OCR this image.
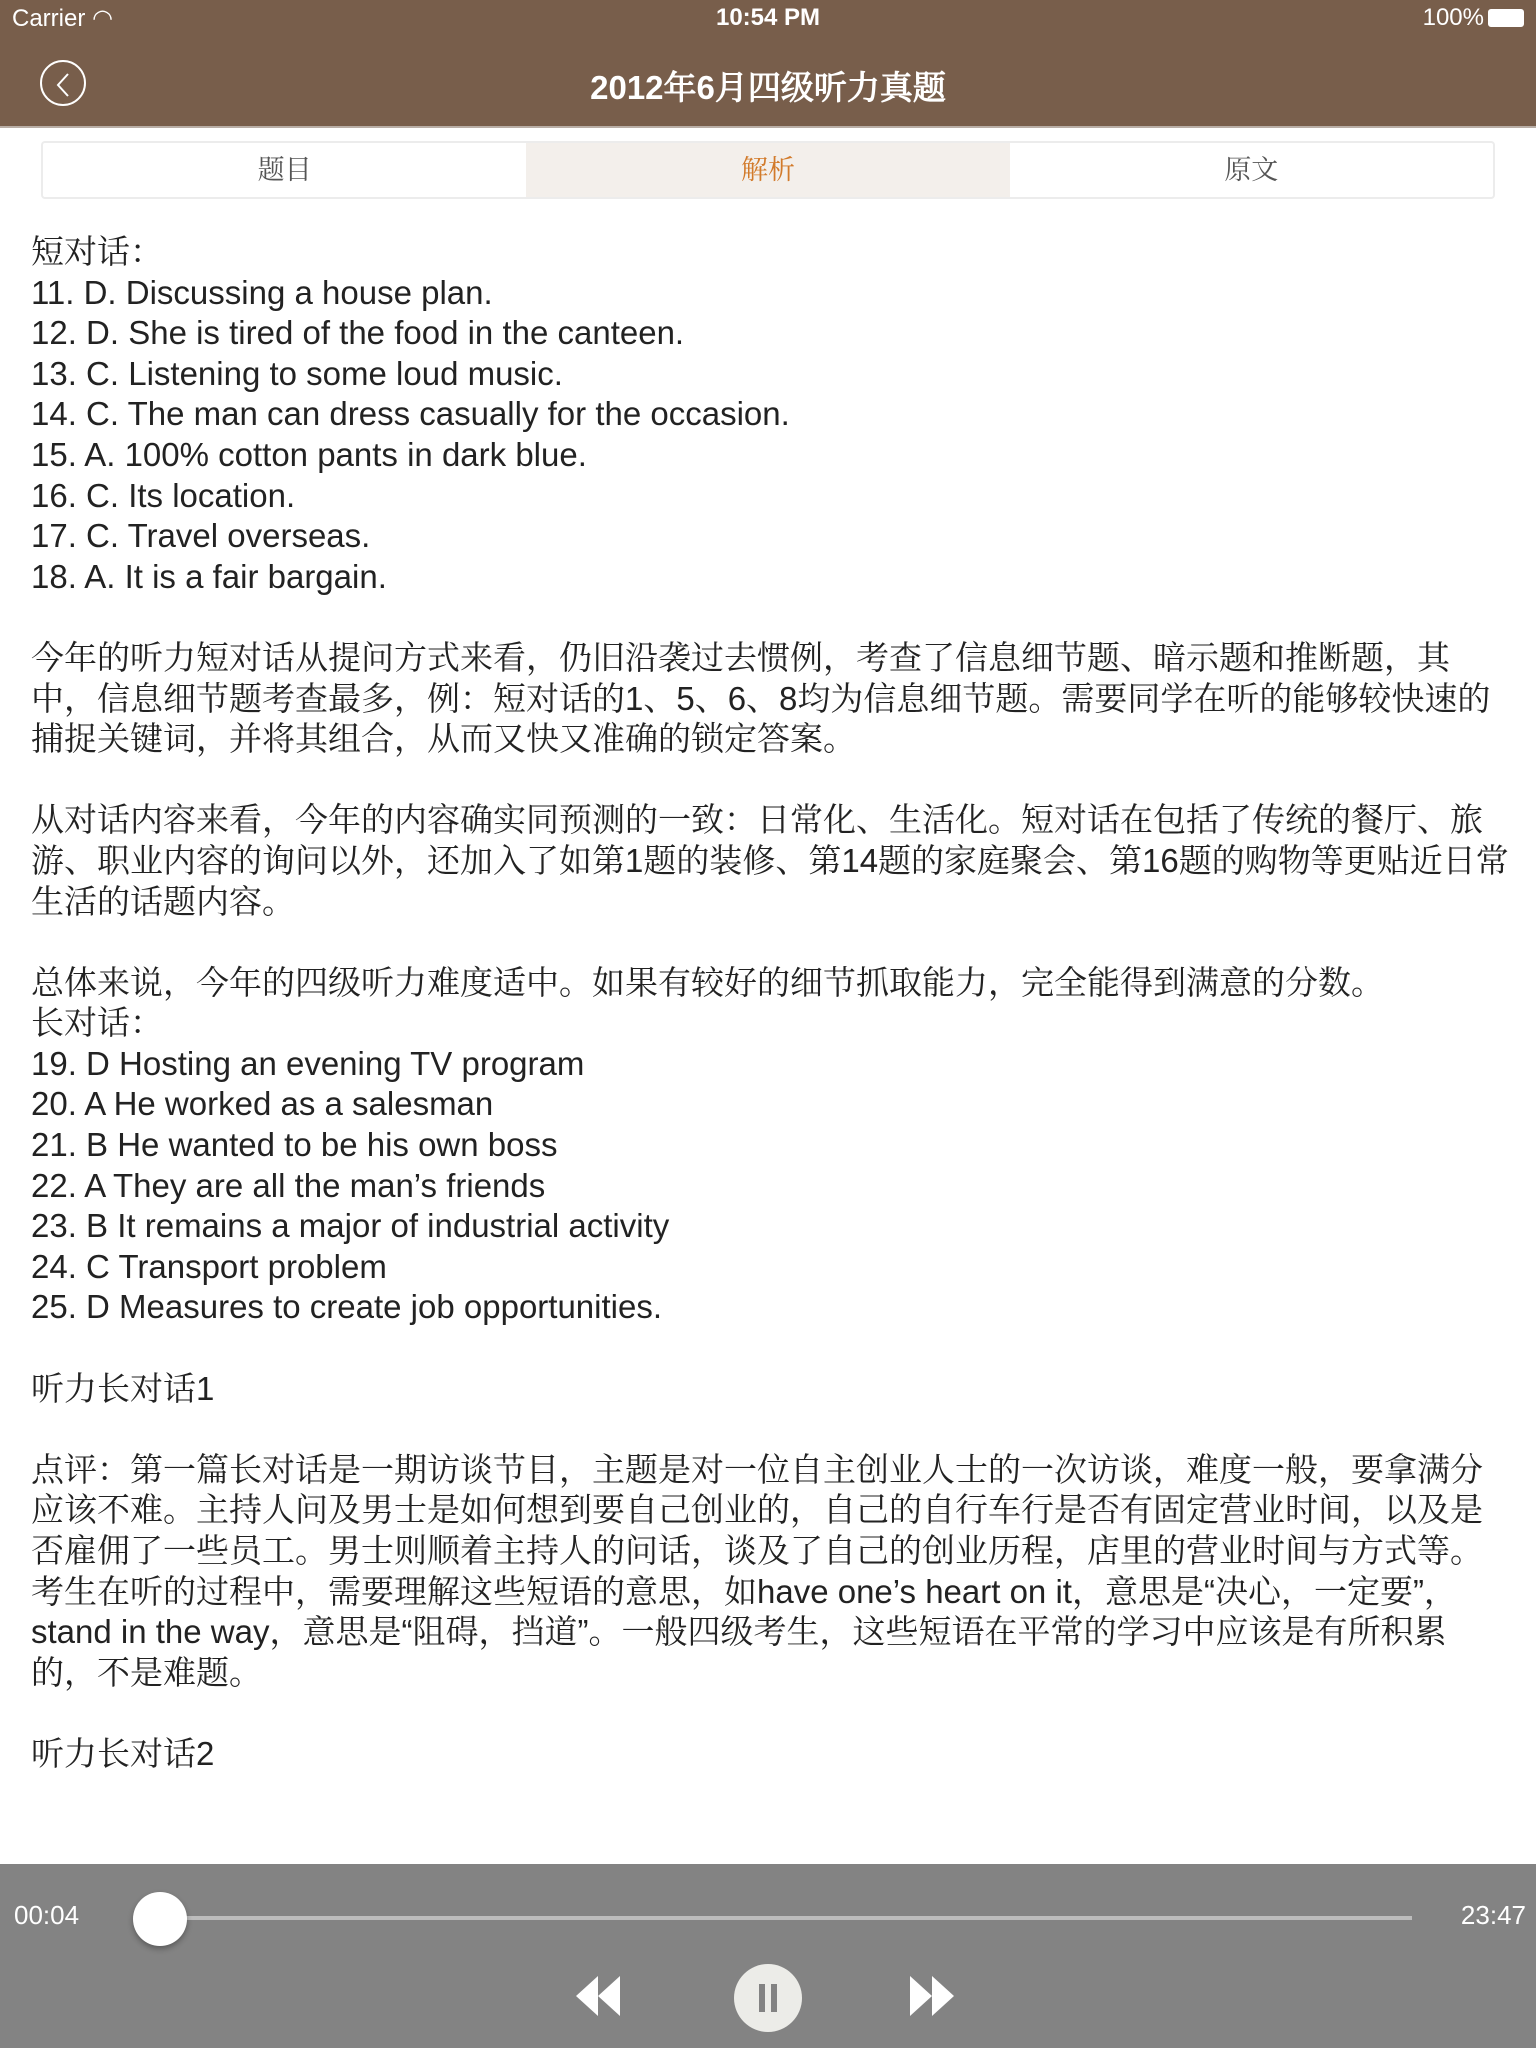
Carrier ◠	10:54 PM	100%
2012年6月四级听力真题
题目	解析	原文
短对话：

11. D. Discussing a house plan.
12. D. She is tired of the food in the canteen.
13. C. Listening to some loud music.
14. C. The man can dress casually for the occasion.
15. A. 100% cotton pants in dark blue.
16. C. Its location.
17. C. Travel overseas.
18. A. It is a fair bargain.

今年的听力短对话从提问方式来看，仍旧沿袭过去惯例，考查了信息细节题、暗示题和推断题，其中，信息细节题考查最多，例：短对话的1、5、6、8均为信息细节题。需要同学在听的能够较快速的捕捉关键词，并将其组合，从而又快又准确的锁定答案。

从对话内容来看，今年的内容确实同预测的一致：日常化、生活化。短对话在包括了传统的餐厅、旅游、职业内容的询问以外，还加入了如第1题的装修、第14题的家庭聚会、第16题的购物等更贴近日常生活的话题内容。

总体来说，今年的四级听力难度适中。如果有较好的细节抓取能力，完全能得到满意的分数。
长对话：

19. D Hosting an evening TV program
20. A He worked as a salesman
21. B He wanted to be his own boss
22. A They are all the man’s friends
23. B It remains a major of industrial activity
24. C Transport problem
25. D Measures to create job opportunities.

听力长对话1

点评：第一篇长对话是一期访谈节目，主题是对一位自主创业人士的一次访谈，难度一般，要拿满分应该不难。主持人问及男士是如何想到要自己创业的，自己的自行车行是否有固定营业时间，以及是否雇佣了一些员工。男士则顺着主持人的问话，谈及了自己的创业历程，店里的营业时间与方式等。考生在听的过程中，需要理解这些短语的意思，如have one’s heart on it，意思是“决心，一定要”，stand in the way，意思是“阻碍，挡道”。一般四级考生，这些短语在平常的学习中应该是有所积累的，不是难题。

听力长对话2

00:04	23:47
